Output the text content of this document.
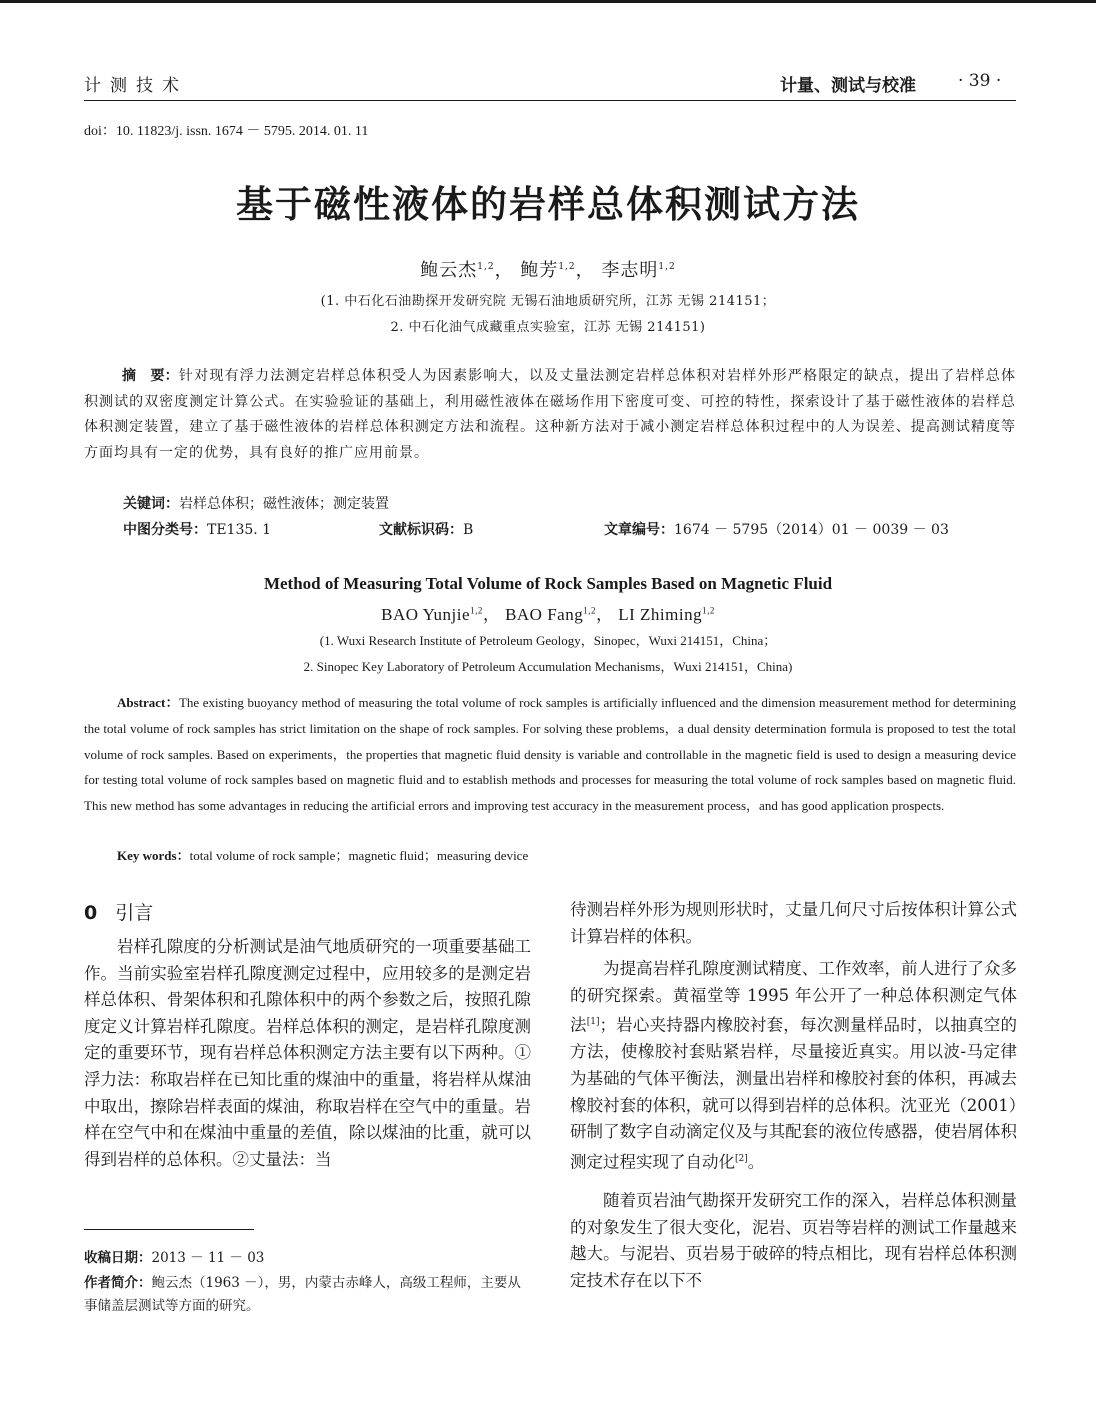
计测技术	计量、测试与校准 · 39 ·
doi：10. 11823/j. issn. 1674 － 5795. 2014. 01. 11
基于磁性液体的岩样总体积测试方法
鲍云杰$^{1,2}$， 鲍芳$^{1,2}$， 李志明$^{1,2}$
(1. 中石化石油勘探开发研究院 无锡石油地质研究所，江苏 无锡 214151；
2. 中石化油气成藏重点实验室，江苏 无锡 214151)
摘　要：针对现有浮力法测定岩样总体积受人为因素影响大，以及丈量法测定岩样总体积对岩样外形严格限定的缺点，提出了岩样总体积测试的双密度测定计算公式。在实验验证的基础上，利用磁性液体在磁场作用下密度可变、可控的特性，探索设计了基于磁性液体的岩样总体积测定装置，建立了基于磁性液体的岩样总体积测定方法和流程。这种新方法对于减小测定岩样总体积过程中的人为误差、提高测试精度等方面均具有一定的优势，具有良好的推广应用前景。
关键词：岩样总体积；磁性液体；测定装置
中图分类号：TE135. 1	文献标识码：B	文章编号：1674 － 5795（2014）01 － 0039 － 03
Method of Measuring Total Volume of Rock Samples Based on Magnetic Fluid
BAO Yunjie$^{1,2}$， BAO Fang$^{1,2}$， LI Zhiming$^{1,2}$
(1. Wuxi Research Institute of Petroleum Geology，Sinopec，Wuxi 214151，China；
2. Sinopec Key Laboratory of Petroleum Accumulation Mechanisms，Wuxi 214151，China)
Abstract：The existing buoyancy method of measuring the total volume of rock samples is artificially influenced and the dimension measurement method for determining the total volume of rock samples has strict limitation on the shape of rock samples. For solving these problems，a dual density determination formula is proposed to test the total volume of rock samples. Based on experiments，the properties that magnetic fluid density is variable and controllable in the magnetic field is used to design a measuring device for testing total volume of rock samples based on magnetic fluid and to establish methods and processes for measuring the total volume of rock samples based on magnetic fluid. This new method has some advantages in reducing the artificial errors and improving test accuracy in the measurement process，and has good application prospects.
Key words：total volume of rock sample；magnetic fluid；measuring device
0 引言

岩样孔隙度的分析测试是油气地质研究的一项重要基础工作。当前实验室岩样孔隙度测定过程中，应用较多的是测定岩样总体积、骨架体积和孔隙体积中的两个参数之后，按照孔隙度定义计算岩样孔隙度。岩样总体积的测定，是岩样孔隙度测定的重要环节，现有岩样总体积测定方法主要有以下两种。①浮力法：称取岩样在已知比重的煤油中的重量，将岩样从煤油中取出，擦除岩样表面的煤油，称取岩样在空气中的重量。岩样在空气中和在煤油中重量的差值，除以煤油的比重，就可以得到岩样的总体积。②丈量法：当

待测岩样外形为规则形状时，丈量几何尺寸后按体积计算公式计算岩样的体积。

为提高岩样孔隙度测试精度、工作效率，前人进行了众多的研究探索。黄福堂等 1995 年公开了一种总体积测定气体法[1]；岩心夹持器内橡胶衬套，每次测量样品时，以抽真空的方法，使橡胶衬套贴紧岩样，尽量接近真实。用以波-马定律为基础的气体平衡法，测量出岩样和橡胶衬套的体积，再减去橡胶衬套的体积，就可以得到岩样的总体积。沈亚光（2001）研制了数字自动滴定仪及与其配套的液位传感器，使岩屑体积测定过程实现了自动化[2]。

随着页岩油气勘探开发研究工作的深入，岩样总体积测量的对象发生了很大变化，泥岩、页岩等岩样的测试工作量越来越大。与泥岩、页岩易于破碎的特点相比，现有岩样总体积测定技术存在以下不

收稿日期：2013 － 11 － 03
作者简介：鲍云杰（1963 －），男，内蒙古赤峰人，高级工程师，主要从事储盖层测试等方面的研究。
